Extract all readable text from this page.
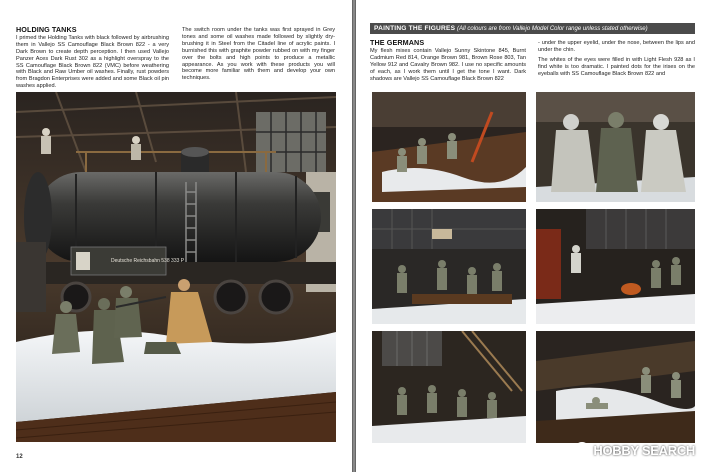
HOLDING TANKS

I primed the Holding Tanks with black followed by airbrushing them in Vallejo SS Camouflage Black Brown 822 - a very Dark Brown to create depth perception. I then used Vallejo Panzer Aces Dark Rust 302 as a highlight overspray to the SS Camouflage Black Brown 822 (VMC) before weathering with Black and Raw Umber oil washes. Finally, rust powders from Bragdon Enterprises were added and some Black oil pin washes applied.

The switch room under the tanks was first sprayed in Grey tones and some oil washes made followed by slightly dry-brushing it in Steel from the Citadel line of acrylic paints. I burnished this with graphite powder rubbed on with my finger over the bolts and high points to produce a metallic appearance. As you work with these products you will become more familiar with them and develop your own techniques.

Deutsche Reichsbahn 538 333 P
12
PAINTING THE FIGURES (All colours are from Vallejo Model Color range unless stated otherwise)
THE GERMANS

My flesh mixes contain Vallejo Sunny Skintone 845, Burnt Cadmium Red 814, Orange Brown 981, Brown Rose 803, Tan Yellow 912 and Cavalry Brown 982. I use no specific amounts of each, as I work them until I get the tone I want. Dark shadows are Vallejo SS Camouflage Black Brown 822

- under the upper eyelid, under the nose, between the lips and under the chin.

The whites of the eyes were filled in with Light Flesh 928 as I find white is too dramatic. I painted dots for the irises on the eyeballs with SS Camouflage Black Brown 822 and

HOBBY SEARCH
